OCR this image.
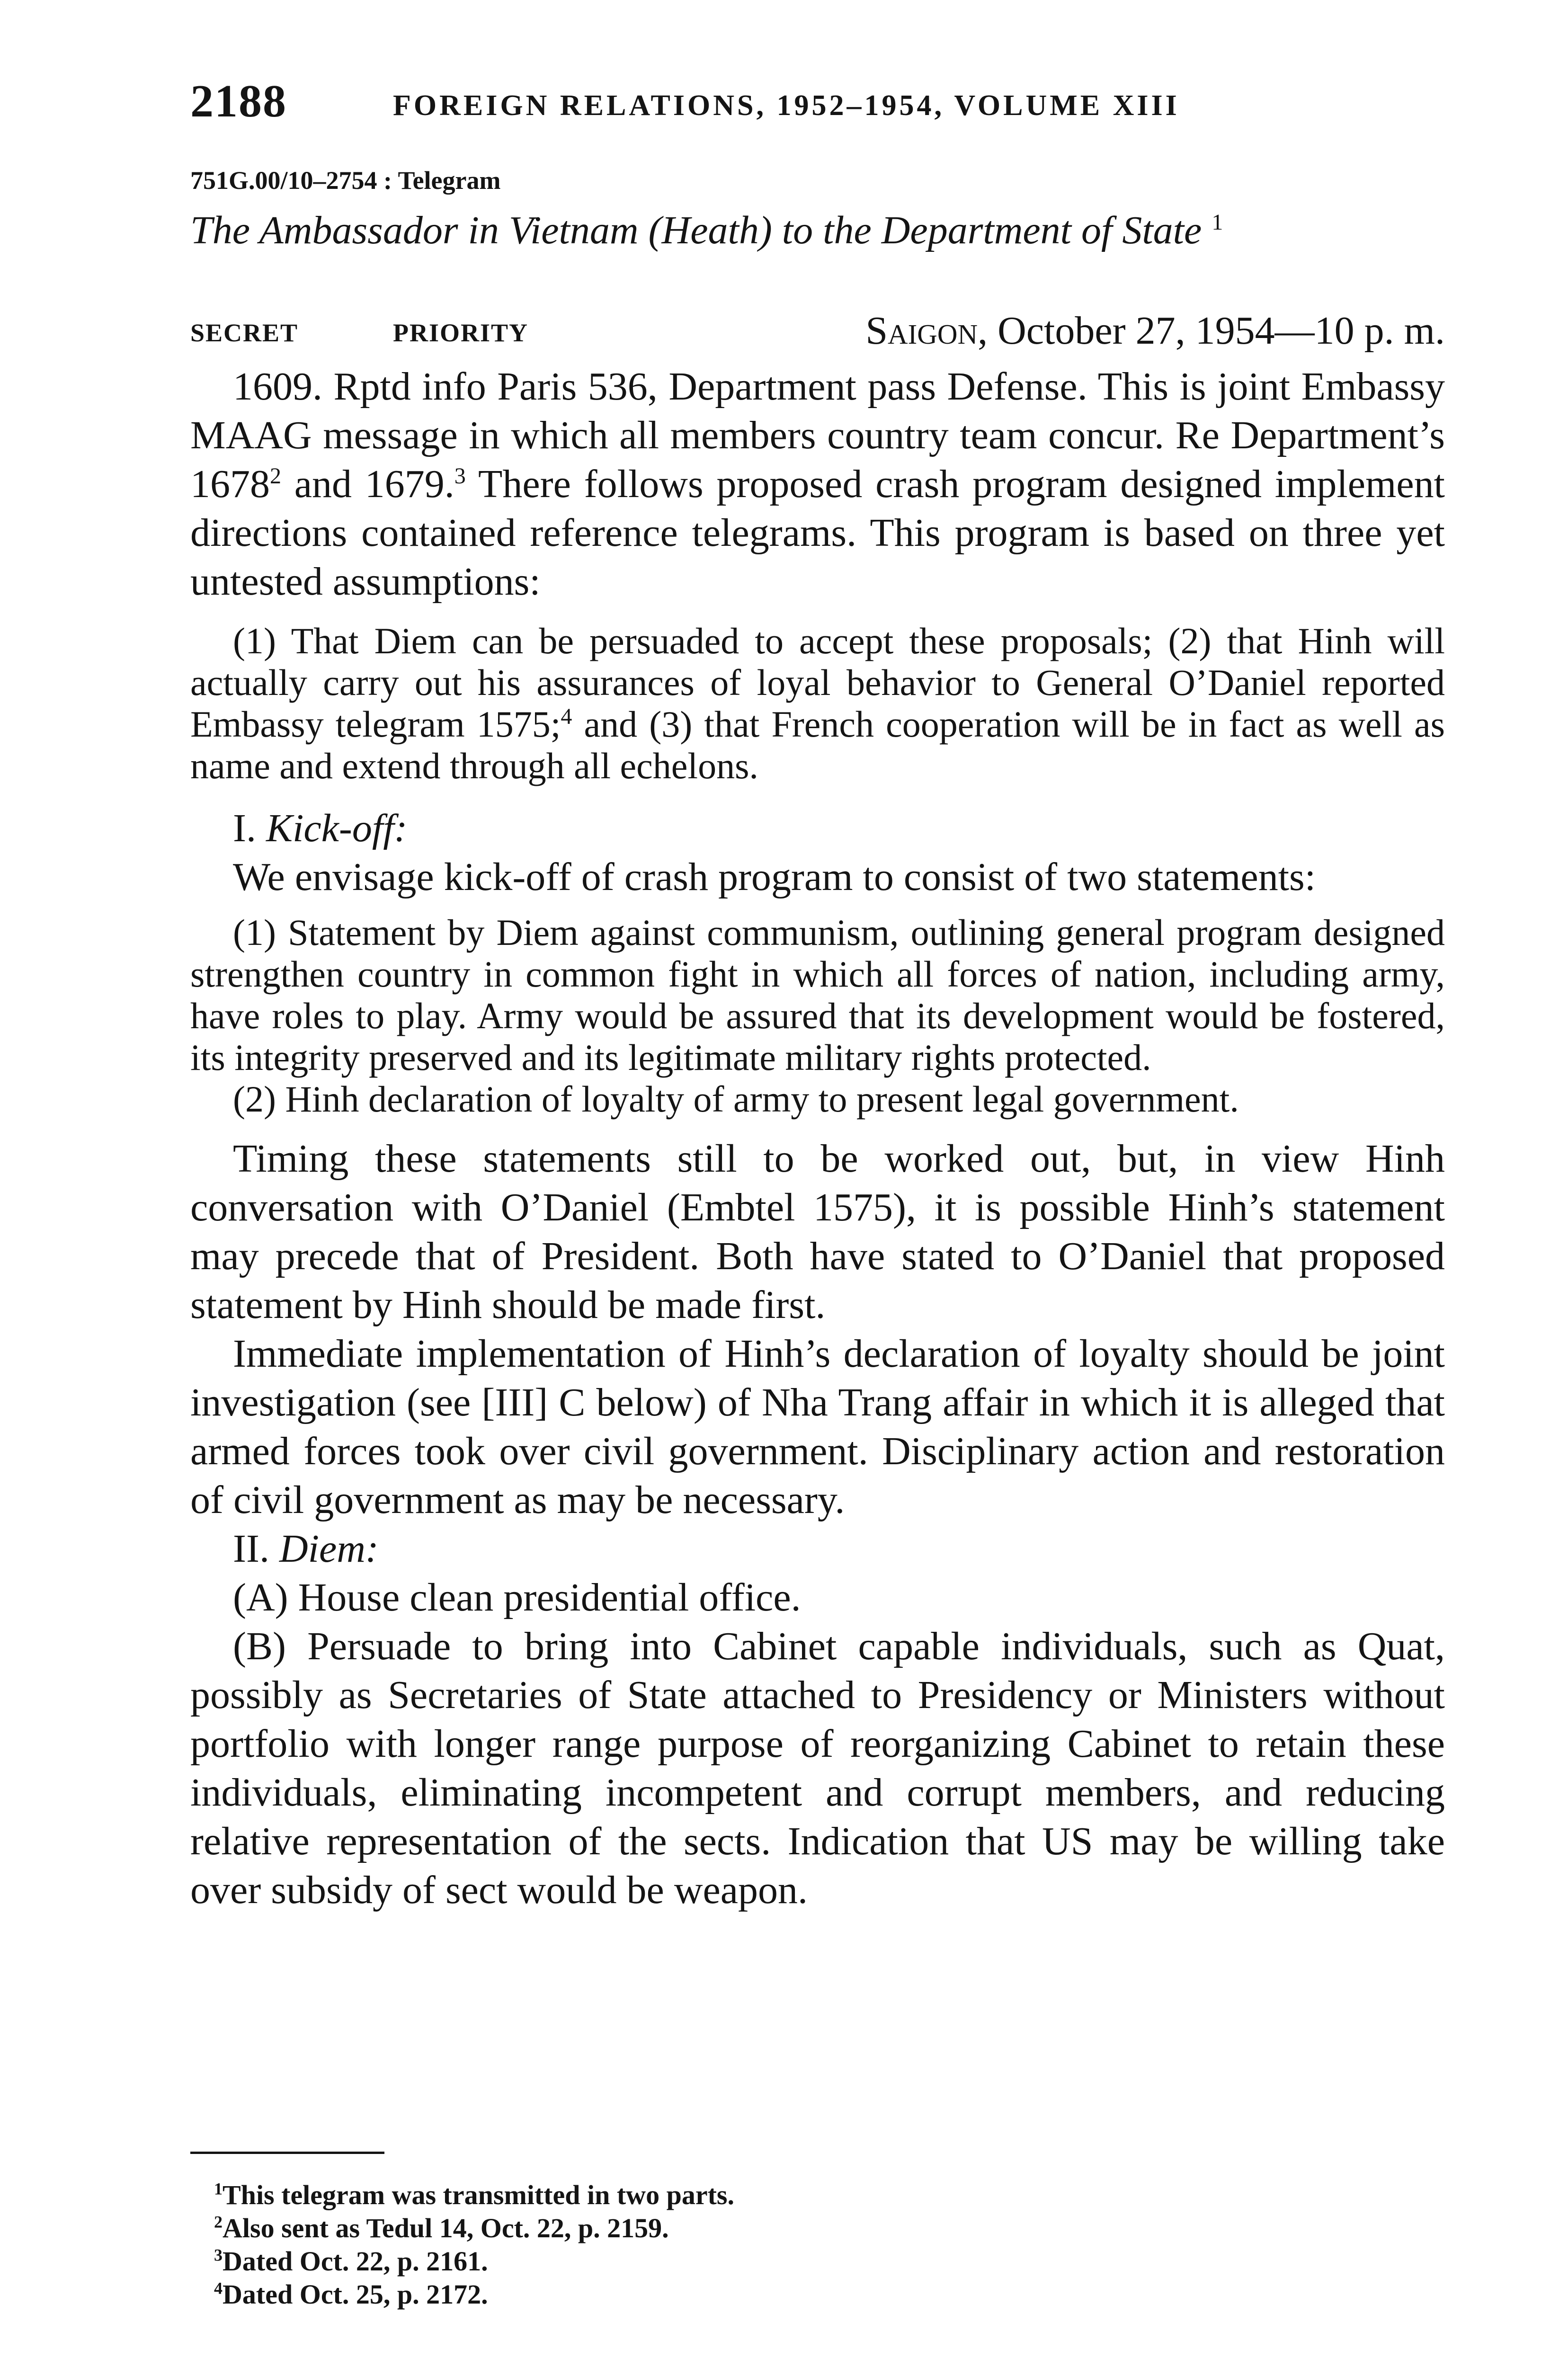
2188	FOREIGN RELATIONS, 1952–1954, VOLUME XIII
751G.00/10–2754 : Telegram
The Ambassador in Vietnam (Heath) to the Department of State $^1$
SECRET	PRIORITY	Saigon, October 27, 1954—10 p. m.

1609. Rptd info Paris 536, Department pass Defense. This is joint Embassy MAAG message in which all members country team concur. Re Department’s 1678$^2$ and 1679.$^3$ There follows proposed crash program designed implement directions contained reference telegrams. This program is based on three yet untested assumptions:

(1) That Diem can be persuaded to accept these proposals; (2) that Hinh will actually carry out his assurances of loyal behavior to General O’Daniel reported Embassy telegram 1575;$^4$ and (3) that French cooperation will be in fact as well as name and extend through all echelons.

I. Kick-off:

We envisage kick-off of crash program to consist of two statements:

(1) Statement by Diem against communism, outlining general program designed strengthen country in common fight in which all forces of nation, including army, have roles to play. Army would be assured that its development would be fostered, its integrity preserved and its legitimate military rights protected.

(2) Hinh declaration of loyalty of army to present legal government.

Timing these statements still to be worked out, but, in view Hinh conversation with O’Daniel (Embtel 1575), it is possible Hinh’s statement may precede that of President. Both have stated to O’Daniel that proposed statement by Hinh should be made first.

Immediate implementation of Hinh’s declaration of loyalty should be joint investigation (see [III] C below) of Nha Trang affair in which it is alleged that armed forces took over civil government. Disciplinary action and restoration of civil government as may be necessary.

II. Diem:

(A) House clean presidential office.

(B) Persuade to bring into Cabinet capable individuals, such as Quat, possibly as Secretaries of State attached to Presidency or Ministers without portfolio with longer range purpose of reorganizing Cabinet to retain these individuals, eliminating incompetent and corrupt members, and reducing relative representation of the sects. Indication that US may be willing take over subsidy of sect would be weapon.

$^1$This telegram was transmitted in two parts.

$^2$Also sent as Tedul 14, Oct. 22, p. 2159.

$^3$Dated Oct. 22, p. 2161.

$^4$Dated Oct. 25, p. 2172.
